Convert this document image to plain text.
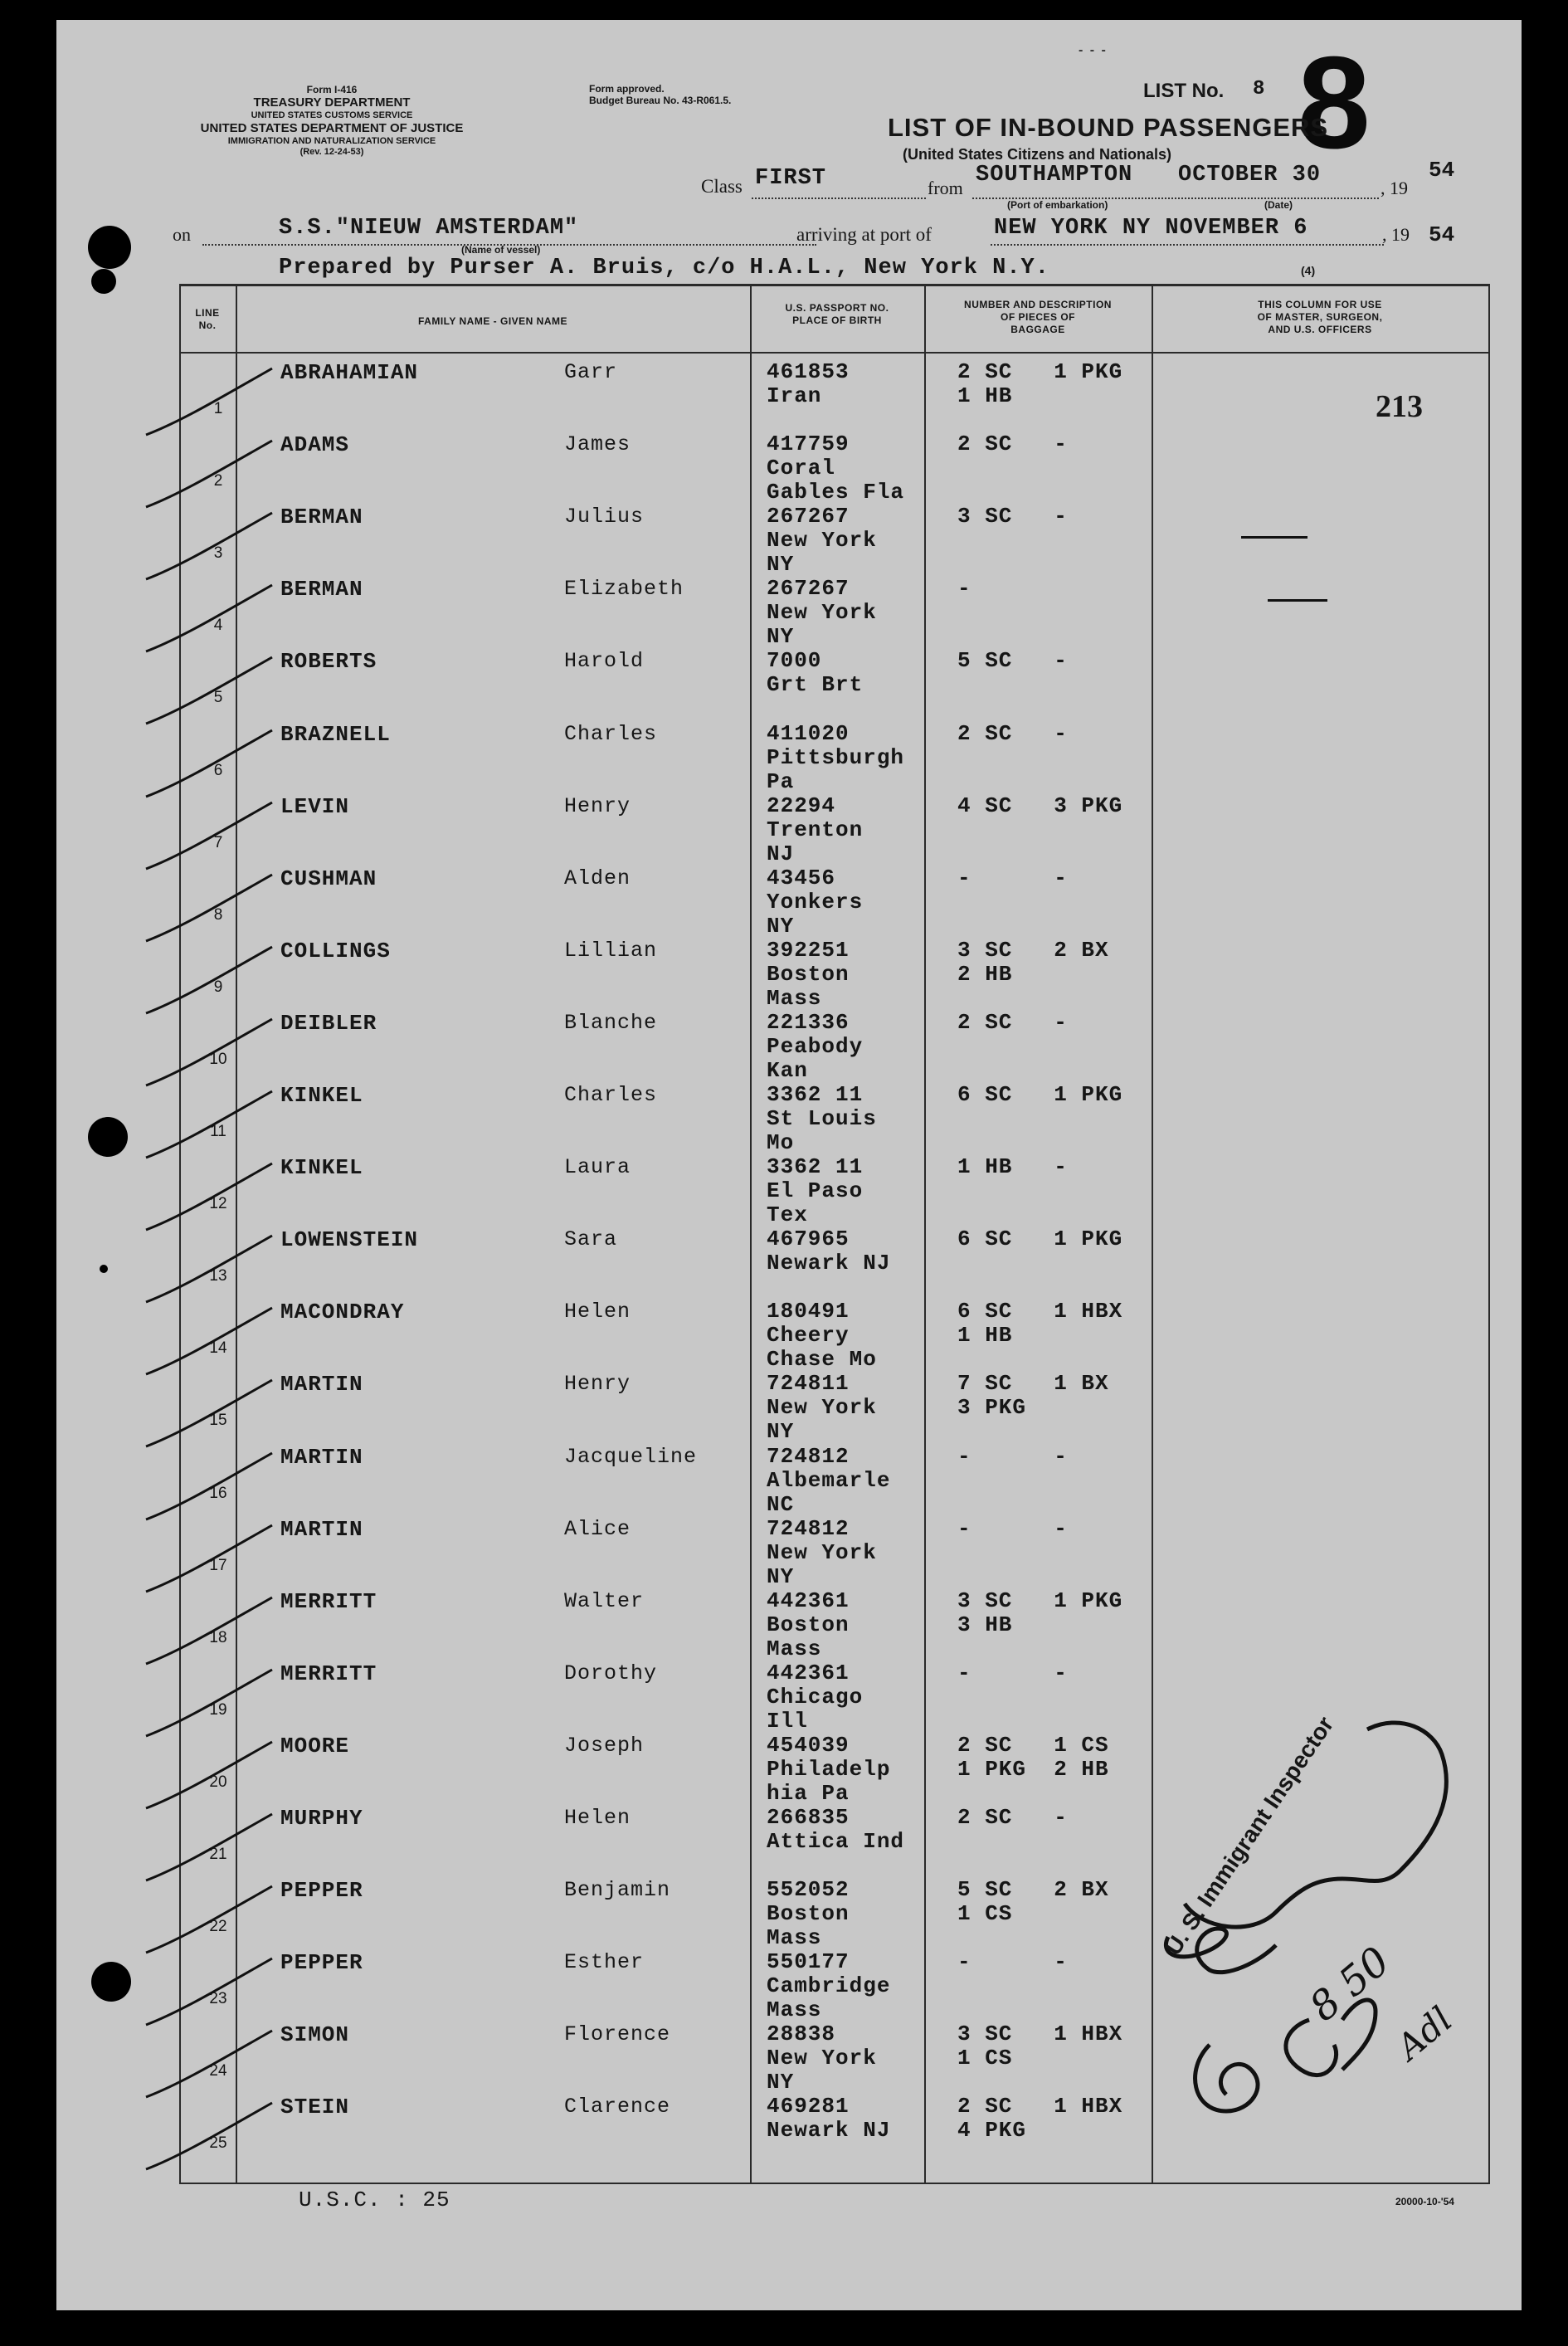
Form I-416
TREASURY DEPARTMENT
UNITED STATES CUSTOMS SERVICE
UNITED STATES DEPARTMENT OF JUSTICE
IMMIGRATION AND NATURALIZATION SERVICE
(Rev. 12-24-53)
Form approved.
Budget Bureau No. 43-R061.5.	LIST No. 8 8
- - -
LIST OF IN-BOUND PASSENGERS
(United States Citizens and Nationals)
Class FIRST	from
SOUTHAMPTON OCTOBER 30
, 19
54
(Port of embarkation)	(Date)
on	S.S."NIEUW AMSTERDAM"
(Name of vessel)
arriving at port of	NEW YORK NY NOVEMBER 6	, 19 54
Prepared by Purser A. Bruis, c/o H.A.L., New York N.Y.	(4)
LINE
No.	FAMILY NAME - GIVEN NAME
U.S. PASSPORT NO.
PLACE OF BIRTH
NUMBER AND DESCRIPTION
OF PIECES OF
BAGGAGE
THIS COLUMN FOR USE
OF MASTER, SURGEON,
AND U.S. OFFICERS
1
ABRAHAMIAN	Garr	461853
Iran
2 SC   1 PKG
1 HB
2
ADAMS	James	417759
Coral
Gables Fla
2 SC   -
3
BERMAN	Julius	267267
New York
NY
3 SC   -
4
BERMAN	Elizabeth	267267
New York
NY
-
5
ROBERTS	Harold	7000
Grt Brt
5 SC   -
6
BRAZNELL	Charles	411020
Pittsburgh
Pa
2 SC   -
7
LEVIN	Henry	22294
Trenton
NJ
4 SC   3 PKG
8
CUSHMAN	Alden	43456
Yonkers
NY
-      -
9
COLLINGS	Lillian	392251
Boston
Mass
3 SC   2 BX
2 HB
10
DEIBLER	Blanche	221336
Peabody
Kan
2 SC   -
11
KINKEL	Charles	3362 11
St Louis
Mo
6 SC   1 PKG
12
KINKEL	Laura	3362 11
El Paso
Tex
1 HB   -
13
LOWENSTEIN	Sara	467965
Newark NJ
6 SC   1 PKG
14
MACONDRAY	Helen	180491
Cheery
Chase Mo
6 SC   1 HBX
1 HB
15
MARTIN	Henry	724811
New York
NY
7 SC   1 BX
3 PKG
16
MARTIN	Jacqueline	724812
Albemarle
NC
-      -
17
MARTIN	Alice	724812
New York
NY
-      -
18
MERRITT	Walter	442361
Boston
Mass
3 SC   1 PKG
3 HB
19
MERRITT	Dorothy	442361
Chicago
Ill
-      -
20
MOORE	Joseph	454039
Philadelp
hia Pa
2 SC   1 CS
1 PKG  2 HB
21
MURPHY	Helen	266835
Attica Ind
2 SC   -
22
PEPPER	Benjamin	552052
Boston
Mass
5 SC   2 BX
1 CS
23
PEPPER	Esther	550177
Cambridge
Mass
-      -
24
SIMON	Florence	28838
New York
NY
3 SC   1 HBX
1 CS
25
STEIN	Clarence	469281
Newark NJ
2 SC   1 HBX
4 PKG
213
U. S. Immigrant Inspector
8 50
Adl
U.S.C. : 25	20000-10-'54
